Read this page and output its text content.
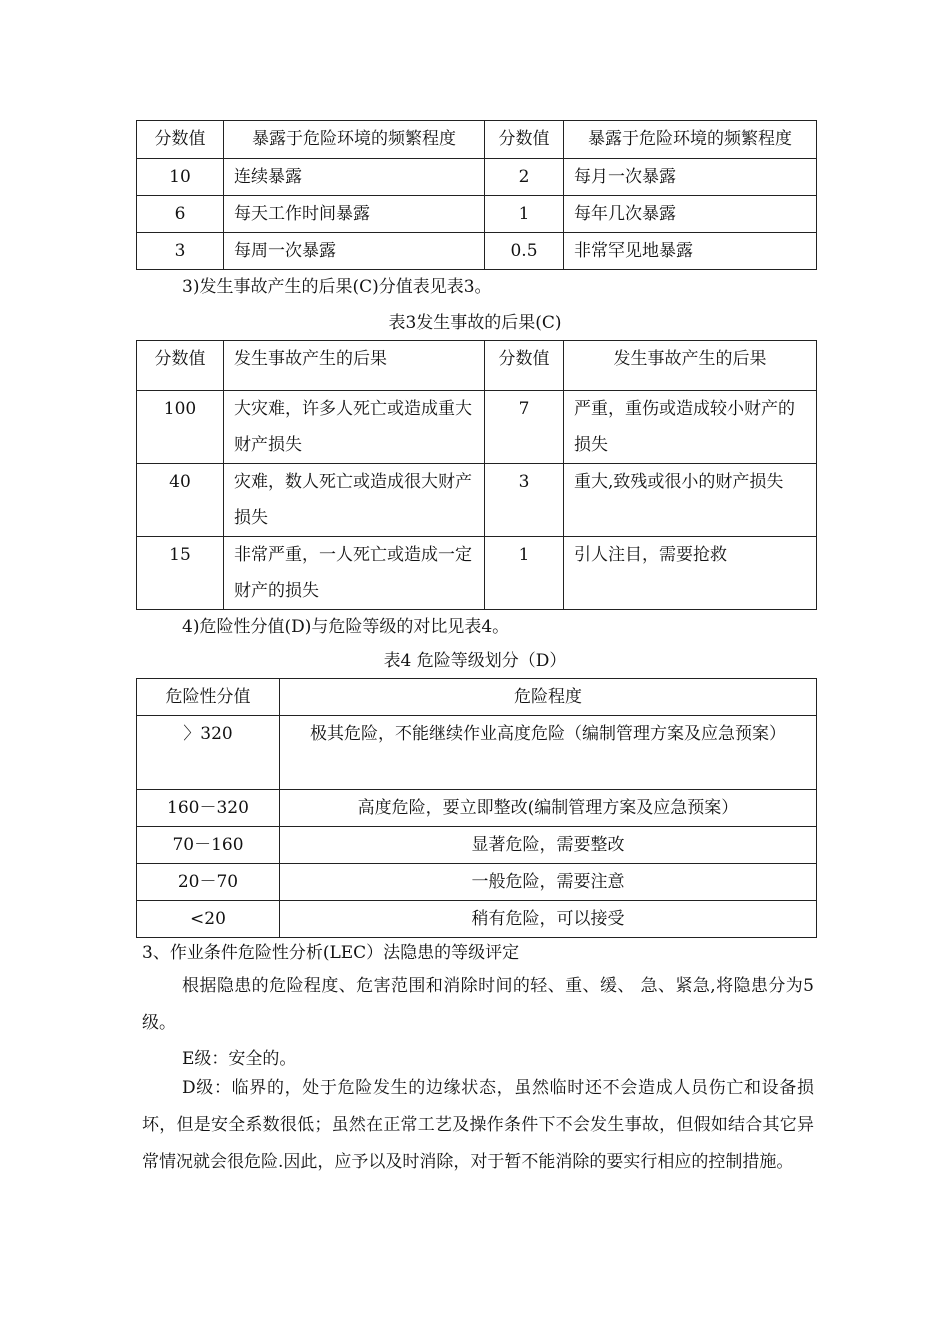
分数值	暴露于危险环境的频繁程度	分数值	暴露于危险环境的频繁程度
10	连续暴露	2	每月一次暴露
6	每天工作时间暴露	1	每年几次暴露
3	每周一次暴露	0.5	非常罕见地暴露
3)发生事故产生的后果(C)分值表见表3。
表3发生事故的后果(C)
分数值	发生事故产生的后果	分数值	发生事故产生的后果
100	大灾难，许多人死亡或造成重大财产损失	7	严重，重伤或造成较小财产的损失
40	灾难，数人死亡或造成很大财产损失	3	重大,致残或很小的财产损失
15	非常严重，一人死亡或造成一定财产的损失	1	引人注目，需要抢救
4)危险性分值(D)与危险等级的对比见表4。
表4 危险等级划分（D）
危险性分值	危险程度
〉320	极其危险，不能继续作业高度危险（编制管理方案及应急预案）
160－320	高度危险，要立即整改(编制管理方案及应急预案）
70－160	显著危险，需要整改
20－70	一般危险，需要注意
<20	稍有危险，可以接受
3、作业条件危险性分析(LEC）法隐患的等级评定
根据隐患的危险程度、危害范围和消除时间的轻、重、缓、 急、紧急,将隐患分为5级。
E级：安全的。
D级：临界的，处于危险发生的边缘状态，虽然临时还不会造成人员伤亡和设备损坏，但是安全系数很低；虽然在正常工艺及操作条件下不会发生事故，但假如结合其它异常情况就会很危险.因此，应予以及时消除，对于暂不能消除的要实行相应的控制措施。
